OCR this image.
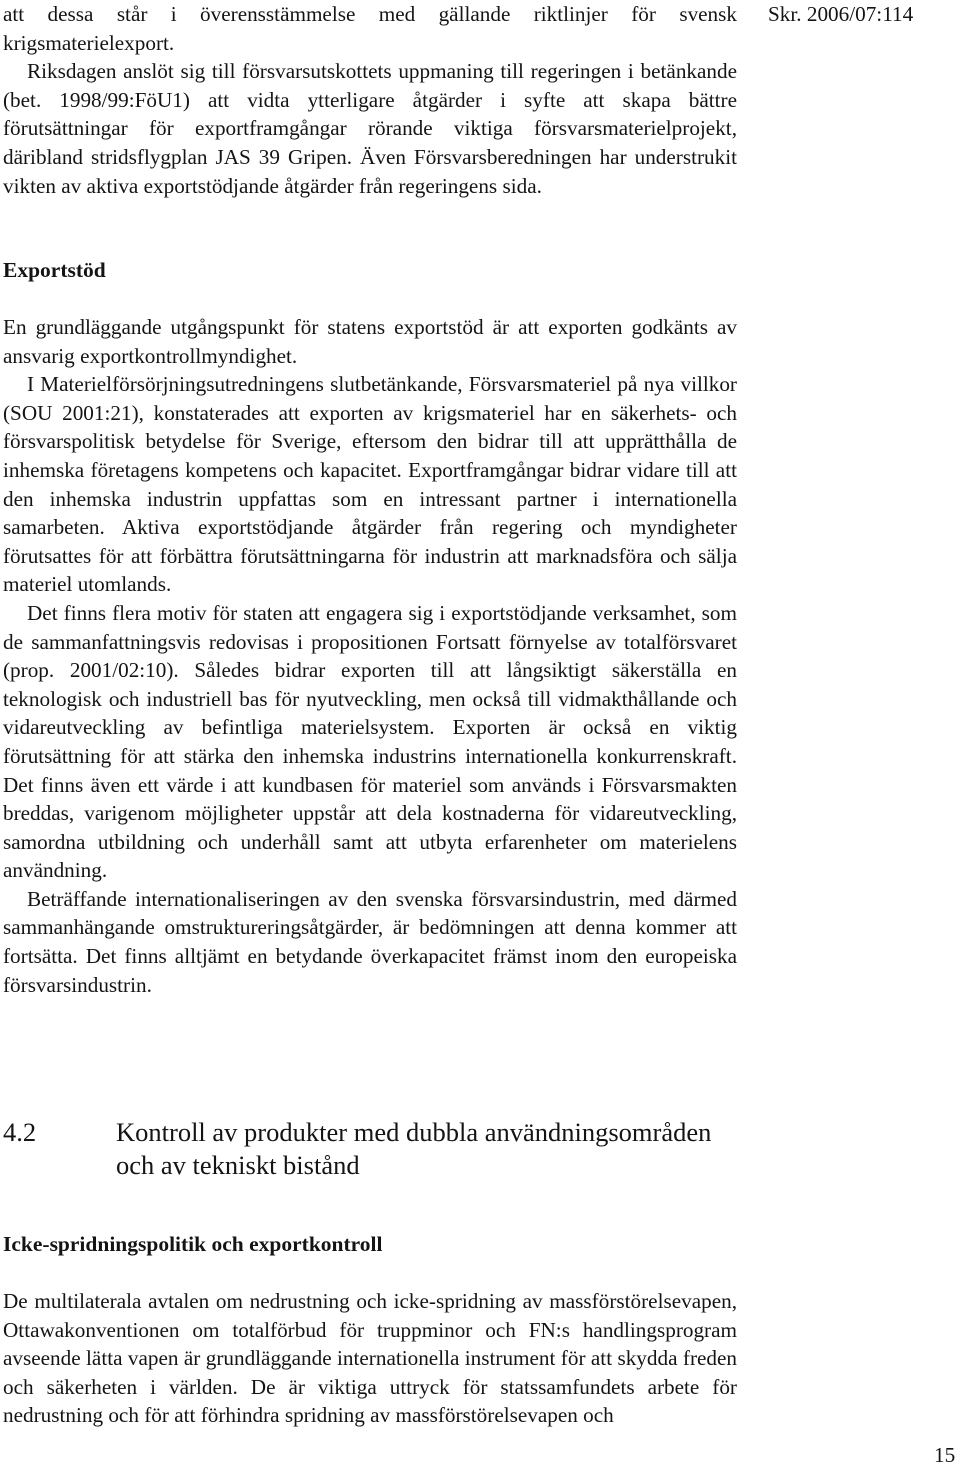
Skr. 2006/07:114

att dessa står i överensstämmelse med gällande riktlinjer för svensk krigsmaterielexport.

Riksdagen anslöt sig till försvarsutskottets uppmaning till regeringen i betänkande (bet. 1998/99:FöU1) att vidta ytterligare åtgärder i syfte att skapa bättre förutsättningar för exportframgångar rörande viktiga försvarsmaterielprojekt, däribland stridsflygplan JAS 39 Gripen. Även Försvarsberedningen har understrukit vikten av aktiva exportstödjande åtgärder från regeringens sida.

Exportstöd

En grundläggande utgångspunkt för statens exportstöd är att exporten godkänts av ansvarig exportkontrollmyndighet.

I Materielförsörjningsutredningens slutbetänkande, Försvarsmateriel på nya villkor (SOU 2001:21), konstaterades att exporten av krigsmateriel har en säkerhets- och försvarspolitisk betydelse för Sverige, eftersom den bidrar till att upprätthålla de inhemska företagens kompetens och kapacitet. Exportframgångar bidrar vidare till att den inhemska industrin uppfattas som en intressant partner i internationella samarbeten. Aktiva exportstödjande åtgärder från regering och myndigheter förutsattes för att förbättra förutsättningarna för industrin att marknadsföra och sälja materiel utomlands.

Det finns flera motiv för staten att engagera sig i exportstödjande verksamhet, som de sammanfattningsvis redovisas i propositionen Fortsatt förnyelse av totalförsvaret (prop. 2001/02:10). Således bidrar exporten till att långsiktigt säkerställa en teknologisk och industriell bas för nyutveckling, men också till vidmakthållande och vidareutveckling av befintliga materielsystem. Exporten är också en viktig förutsättning för att stärka den inhemska industrins internationella konkurrenskraft. Det finns även ett värde i att kundbasen för materiel som används i Försvarsmakten breddas, varigenom möjligheter uppstår att dela kostnaderna för vidareutveckling, samordna utbildning och underhåll samt att utbyta erfarenheter om materielens användning.

Beträffande internationaliseringen av den svenska försvarsindustrin, med därmed sammanhängande omstruktureringsåtgärder, är bedömningen att denna kommer att fortsätta. Det finns alltjämt en betydande överkapacitet främst inom den europeiska försvarsindustrin.

4.2	Kontroll av produkter med dubbla användningsområden och av tekniskt bistånd
Icke-spridningspolitik och exportkontroll

De multilaterala avtalen om nedrustning och icke-spridning av massförstörelsevapen, Ottawakonventionen om totalförbud för truppminor och FN:s handlingsprogram avseende lätta vapen är grundläggande internationella instrument för att skydda freden och säkerheten i världen. De är viktiga uttryck för statssamfundets arbete för nedrustning och för att förhindra spridning av massförstörelsevapen och

15
